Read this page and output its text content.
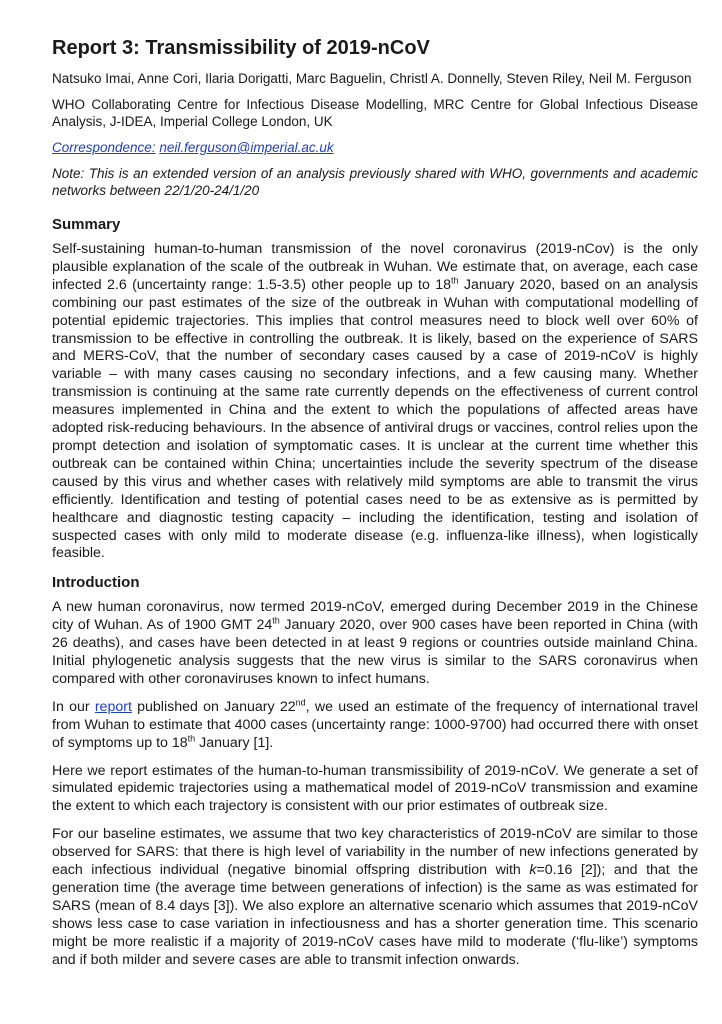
Report 3: Transmissibility of 2019-nCoV
Natsuko Imai, Anne Cori, Ilaria Dorigatti, Marc Baguelin, Christl A. Donnelly, Steven Riley, Neil M. Ferguson
WHO Collaborating Centre for Infectious Disease Modelling, MRC Centre for Global Infectious Disease Analysis, J-IDEA, Imperial College London, UK
Correspondence: neil.ferguson@imperial.ac.uk
Note: This is an extended version of an analysis previously shared with WHO, governments and academic networks between 22/1/20-24/1/20
Summary

Self-sustaining human-to-human transmission of the novel coronavirus (2019-nCov) is the only plausible explanation of the scale of the outbreak in Wuhan. We estimate that, on average, each case infected 2.6 (uncertainty range: 1.5-3.5) other people up to 18th January 2020, based on an analysis combining our past estimates of the size of the outbreak in Wuhan with computational modelling of potential epidemic trajectories. This implies that control measures need to block well over 60% of transmission to be effective in controlling the outbreak. It is likely, based on the experience of SARS and MERS-CoV, that the number of secondary cases caused by a case of 2019-nCoV is highly variable – with many cases causing no secondary infections, and a few causing many. Whether transmission is continuing at the same rate currently depends on the effectiveness of current control measures implemented in China and the extent to which the populations of affected areas have adopted risk-reducing behaviours. In the absence of antiviral drugs or vaccines, control relies upon the prompt detection and isolation of symptomatic cases. It is unclear at the current time whether this outbreak can be contained within China; uncertainties include the severity spectrum of the disease caused by this virus and whether cases with relatively mild symptoms are able to transmit the virus efficiently. Identification and testing of potential cases need to be as extensive as is permitted by healthcare and diagnostic testing capacity – including the identification, testing and isolation of suspected cases with only mild to moderate disease (e.g. influenza-like illness), when logistically feasible.

Introduction

A new human coronavirus, now termed 2019-nCoV, emerged during December 2019 in the Chinese city of Wuhan. As of 1900 GMT 24th January 2020, over 900 cases have been reported in China (with 26 deaths), and cases have been detected in at least 9 regions or countries outside mainland China. Initial phylogenetic analysis suggests that the new virus is similar to the SARS coronavirus when compared with other coronaviruses known to infect humans.

In our report published on January 22nd, we used an estimate of the frequency of international travel from Wuhan to estimate that 4000 cases (uncertainty range: 1000-9700) had occurred there with onset of symptoms up to 18th January [1].

Here we report estimates of the human-to-human transmissibility of 2019-nCoV. We generate a set of simulated epidemic trajectories using a mathematical model of 2019-nCoV transmission and examine the extent to which each trajectory is consistent with our prior estimates of outbreak size.

For our baseline estimates, we assume that two key characteristics of 2019-nCoV are similar to those observed for SARS: that there is high level of variability in the number of new infections generated by each infectious individual (negative binomial offspring distribution with k=0.16 [2]); and that the generation time (the average time between generations of infection) is the same as was estimated for SARS (mean of 8.4 days [3]). We also explore an alternative scenario which assumes that 2019-nCoV shows less case to case variation in infectiousness and has a shorter generation time. This scenario might be more realistic if a majority of 2019-nCoV cases have mild to moderate (‘flu-like’) symptoms and if both milder and severe cases are able to transmit infection onwards.
